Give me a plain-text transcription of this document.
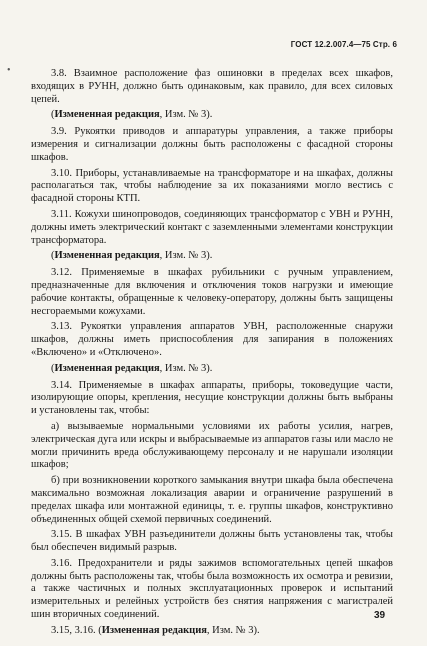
ГОСТ 12.2.007.4—75 Стр. 6
•	3.8. Взаимное расположение фаз ошиновки в пределах всех шкафов, входящих в РУНН, должно быть одинаковым, как правило, для всех силовых цепей.

(Измененная редакция, Изм. № 3).

3.9. Рукоятки приводов и аппаратуры управления, а также приборы измерения и сигнализации должны быть расположены с фасадной стороны шкафов.

3.10. Приборы, устанавливаемые на трансформаторе и на шкафах, должны располагаться так, чтобы наблюдение за их показаниями могло вестись с фасадной стороны КТП.

3.11. Кожухи шинопроводов, соединяющих трансформатор с УВН и РУНН, должны иметь электрический контакт с заземленными элементами конструкции трансформатора.

(Измененная редакция, Изм. № 3).

3.12. Применяемые в шкафах рубильники с ручным управлением, предназначенные для включения и отключения токов нагрузки и имеющие рабочие контакты, обращенные к человеку-оператору, должны быть защищены несгораемыми кожухами.

3.13. Рукоятки управления аппаратов УВН, расположенные снаружи шкафов, должны иметь приспособления для запирания в положениях «Включено» и «Отключено».

(Измененная редакция, Изм. № 3).

3.14. Применяемые в шкафах аппараты, приборы, токоведущие части, изолирующие опоры, крепления, несущие конструкции должны быть выбраны и установлены так, чтобы:

а) вызываемые нормальными условиями их работы усилия, нагрев, электрическая дуга или искры и выбрасываемые из аппаратов газы или масло не могли причинить вреда обслуживающему персоналу и не нарушали изоляции шкафов;

б) при возникновении короткого замыкания внутри шкафа была обеспечена максимально возможная локализация аварии и ограничение разрушений в пределах шкафа или монтажной единицы, т. е. группы шкафов, конструктивно объединенных общей схемой первичных соединений.

3.15. В шкафах УВН разъединители должны быть установлены так, чтобы был обеспечен видимый разрыв.

3.16. Предохранители и ряды зажимов вспомогательных цепей шкафов должны быть расположены так, чтобы была возможность их осмотра и ревизии, а также частичных и полных эксплуатационных проверок и испытаний измерительных и релейных устройств без снятия напряжения с магистралей шин вторичных соединений.

3.15, 3.16. (Измененная редакция, Изм. № 3).

39
